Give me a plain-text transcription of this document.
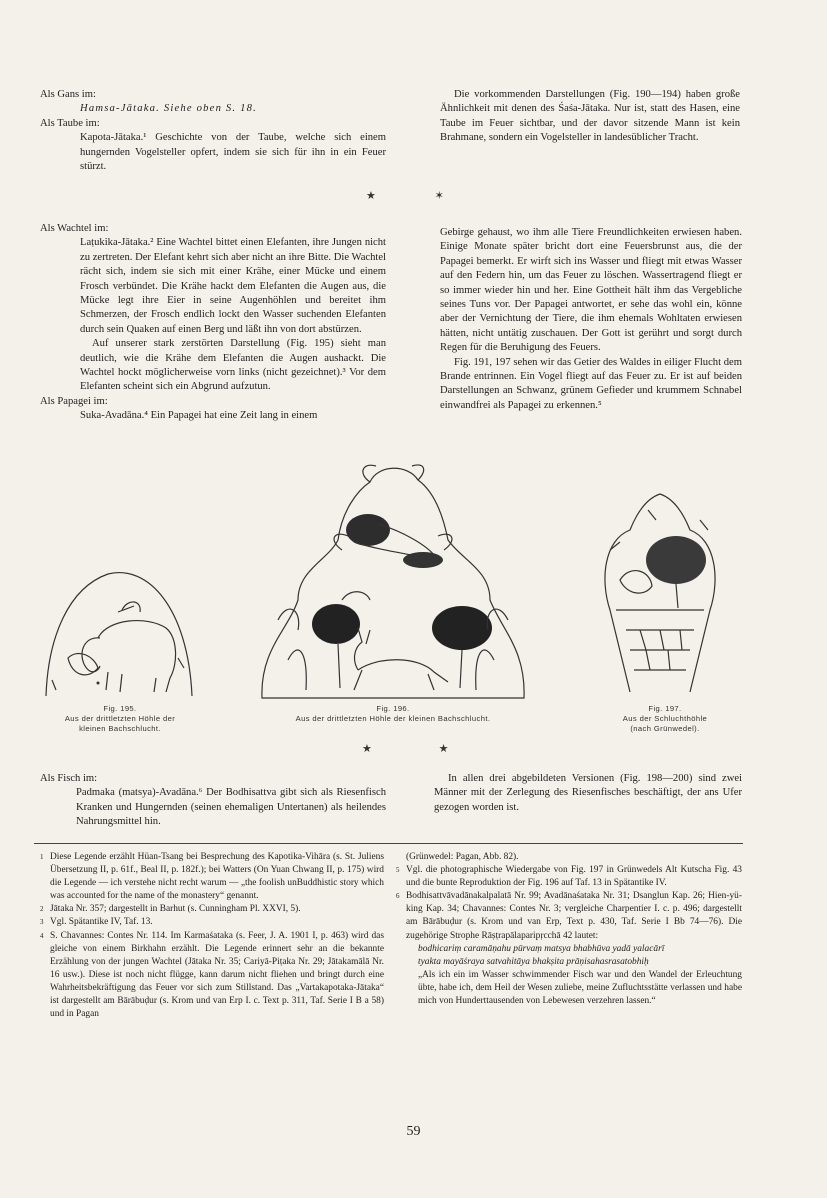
Als Gans im:

Hamsa-Jātaka. Siehe oben S. 18.

Als Taube im:

Kapota-Jātaka.¹ Geschichte von der Taube, welche sich einem hungernden Vogelsteller opfert, indem sie sich für ihn in ein Feuer stürzt.

Die vorkommenden Darstellungen (Fig. 190—194) haben große Ähnlichkeit mit denen des Śaśa-Jātaka. Nur ist, statt des Hasen, eine Taube im Feuer sichtbar, und der davor sitzende Mann ist kein Brahmane, sondern ein Vogelsteller in landesüblicher Tracht.

★ ✶

Als Wachtel im:

Laṭukika-Jātaka.² Eine Wachtel bittet einen Elefanten, ihre Jungen nicht zu zertreten. Der Elefant kehrt sich aber nicht an ihre Bitte. Die Wachtel rächt sich, indem sie sich mit einer Krähe, einer Mücke und einem Frosch verbündet. Die Krähe hackt dem Elefanten die Augen aus, die Mücke legt ihre Eier in seine Augenhöhlen und bereitet ihm Schmerzen, der Frosch endlich lockt den Wasser suchenden Elefanten durch sein Quaken auf einen Berg und läßt ihn von dort abstürzen.

Auf unserer stark zerstörten Darstellung (Fig. 195) sieht man deutlich, wie die Krähe dem Elefanten die Augen aushackt. Die Wachtel hockt möglicherweise vorn links (nicht gezeichnet).³ Vor dem Elefanten scheint sich ein Abgrund aufzutun.

Als Papagei im:

Suka-Avadāna.⁴ Ein Papagei hat eine Zeit lang in einem

Gebirge gehaust, wo ihm alle Tiere Freundlichkeiten erwiesen haben. Einige Monate später bricht dort eine Feuersbrunst aus, die der Papagei bemerkt. Er wirft sich ins Wasser und fliegt mit etwas Wasser auf den Federn hin, um das Feuer zu löschen. Wassertragend fliegt er so immer wieder hin und her. Eine Gottheit hält ihm das Vergebliche seines Tuns vor. Der Papagei antwortet, er sehe das wohl ein, könne aber der Vernichtung der Tiere, die ihm ehemals Wohltaten erwiesen hätten, nicht untätig zuschauen. Der Gott ist gerührt und sorgt durch Regen für die Beruhigung des Feuers.

Fig. 191, 197 sehen wir das Getier des Waldes in eiliger Flucht dem Brande entrinnen. Ein Vogel fliegt auf das Feuer zu. Er ist auf beiden Darstellungen an Schwanz, grünem Gefieder und krummem Schnabel einwandfrei als Papagei zu erkennen.⁵

Fig. 195.
Aus der drittletzten Höhle der
kleinen Bachschlucht.
Fig. 196.
Aus der drittletzten Höhle der kleinen Bachschlucht.
Fig. 197.
Aus der Schluchthöhle
(nach Grünwedel).
★ ★

Als Fisch im:

Padmaka (matsya)-Avadāna.⁶ Der Bodhisattva gibt sich als Riesenfisch Kranken und Hungernden (seinen ehemaligen Untertanen) als heilendes Nahrungsmittel hin.

In allen drei abgebildeten Versionen (Fig. 198—200) sind zwei Männer mit der Zerlegung des Riesenfisches beschäftigt, der ans Ufer gezogen worden ist.

1 Diese Legende erzählt Hüan-Tsang bei Besprechung des Kapotika-Vihāra (s. St. Juliens Übersetzung II, p. 61f., Beal II, p. 182f.); bei Watters (On Yuan Chwang II, p. 175) wird die Legende — ich verstehe nicht recht warum — „the foolish unBuddhistic story which was accounted for the name of the monastery“ genannt.

2 Jātaka Nr. 357; dargestellt in Barhut (s. Cunningham Pl. XXVI, 5).

3 Vgl. Spätantike IV, Taf. 13.

4 S. Chavannes: Contes Nr. 114. Im Karmaśataka (s. Feer, J. A. 1901 I, p. 463) wird das gleiche von einem Birkhahn erzählt. Die Legende erinnert sehr an die bekannte Erzählung von der jungen Wachtel (Jātaka Nr. 35; Cariyā-Piṭaka Nr. 29; Jātakamālā Nr. 16 usw.). Diese ist noch nicht flügge, kann darum nicht fliehen und bringt durch eine Wahrheitsbekräftigung das Feuer vor sich zum Stillstand. Das „Vartakapotaka-Jātaka“ ist dargestellt am Bārābuḍur (s. Krom und van Erp I. c. Text p. 311, Taf. Serie I B a 58) und in Pagan

(Grünwedel: Pagan, Abb. 82).

5 Vgl. die photographische Wiedergabe von Fig. 197 in Grünwedels Alt Kutscha Fig. 43 und die bunte Reproduktion der Fig. 196 auf Taf. 13 in Spätantike IV.

6 Bodhisattvāvadānakalpalatā Nr. 99; Avadānaśataka Nr. 31; Dsanglun Kap. 26; Hien-yü-king Kap. 34; Chavannes: Contes Nr. 3; vergleiche Charpentier I. c. p. 496; dargestellt am Bārābuḍur (s. Krom und van Erp, Text p. 430, Taf. Serie I Bb 74—76). Die zugehörige Strophe Rāṣṭrapālaparipṛcchā 42 lautet:

bodhicariṃ caramāṇahu pūrvaṃ matsya bhabhūva yadā yalacārī

tyakta mayāśraya satvahitāya bhakṣita prāṇisahasrasatobhiḥ

„Als ich ein im Wasser schwimmender Fisch war und den Wandel der Erleuchtung übte, habe ich, dem Heil der Wesen zuliebe, meine Zufluchtsstätte verlassen und habe mich von Hunderttausenden von Lebewesen verzehren lassen.“

59
